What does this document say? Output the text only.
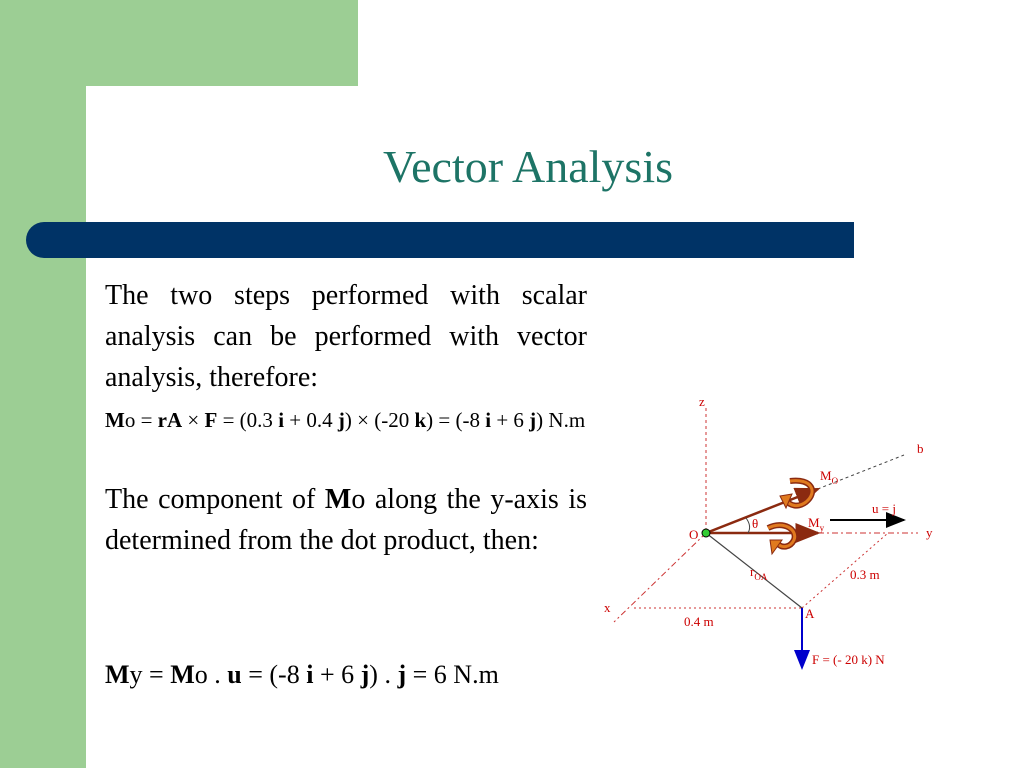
Vector Analysis
The two steps performed with scalar analysis can be performed with vector analysis, therefore:
Mo = rA × F = (0.3 i + 0.4 j) × (-20 k) = (-8 i + 6 j) N.m
The component of Mo along the y-axis is determined from the dot product, then:
My = Mo . u = (-8 i + 6 j) . j = 6 N.m
z
b
$M_O$
u = j
θ	$M_y$
O	y
$r_{OA}$	0.3 m
x	A
0.4 m
F = (- 20 k) N
